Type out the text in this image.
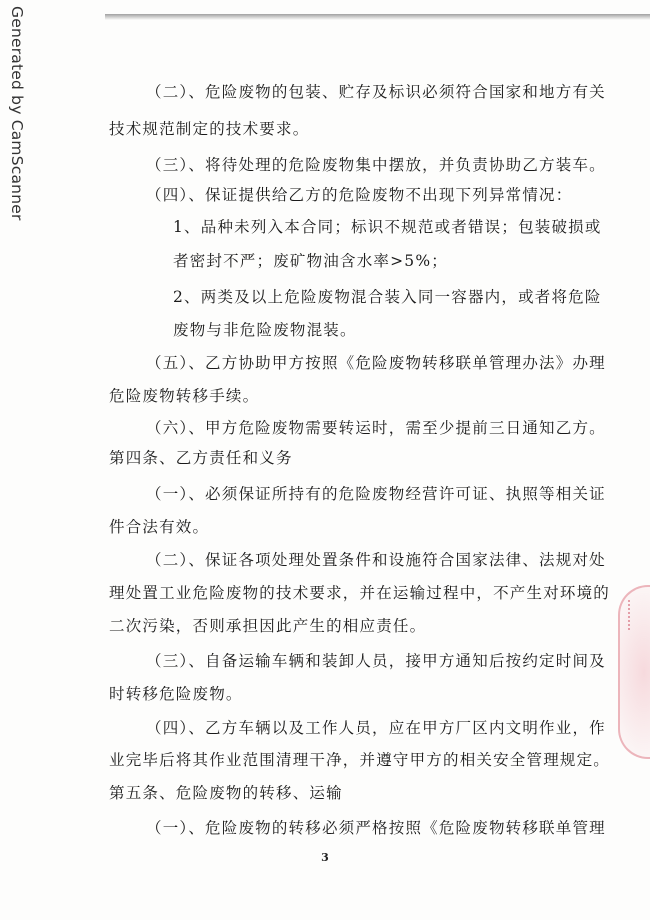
Generated by CamScanner	（二）、危险废物的包装、贮存及标识必须符合国家和地方有关
技术规范制定的技术要求。
（三）、将待处理的危险废物集中摆放，并负责协助乙方装车。
（四）、保证提供给乙方的危险废物不出现下列异常情况：
1、品种未列入本合同；标识不规范或者错误；包装破损或
者密封不严；废矿物油含水率>5%；
2、两类及以上危险废物混合装入同一容器内，或者将危险
废物与非危险废物混装。
（五）、乙方协助甲方按照《危险废物转移联单管理办法》办理
危险废物转移手续。
（六）、甲方危险废物需要转运时，需至少提前三日通知乙方。
第四条、乙方责任和义务
（一）、必须保证所持有的危险废物经营许可证、执照等相关证
件合法有效。
（二）、保证各项处理处置条件和设施符合国家法律、法规对处
理处置工业危险废物的技术要求，并在运输过程中，不产生对环境的
二次污染，否则承担因此产生的相应责任。
（三）、自备运输车辆和装卸人员，接甲方通知后按约定时间及
时转移危险废物。
（四）、乙方车辆以及工作人员，应在甲方厂区内文明作业，作
业完毕后将其作业范围清理干净，并遵守甲方的相关安全管理规定。
第五条、危险废物的转移、运输
（一）、危险废物的转移必须严格按照《危险废物转移联单管理
3
